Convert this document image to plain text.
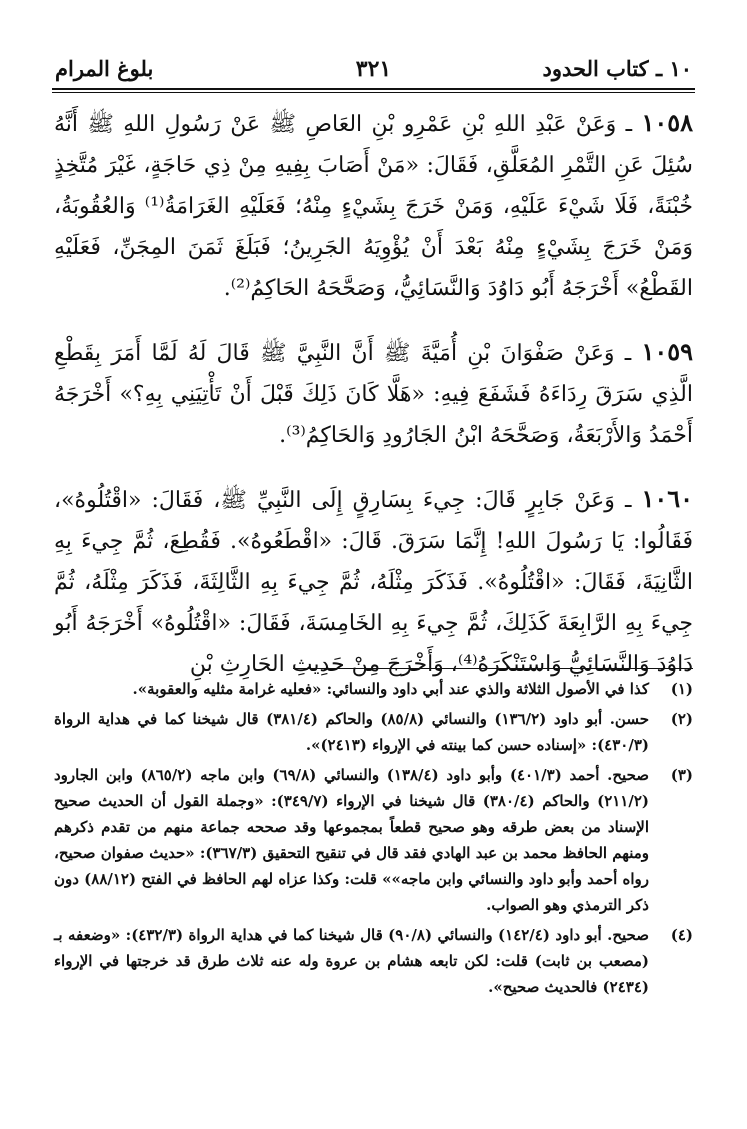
١٠ ـ كتاب الحدود
٣٢١
بلوغ المرام

١٠٥٨ ـ وَعَنْ عَبْدِ اللهِ بْنِ عَمْرِو بْنِ العَاصِ ﷺ عَنْ رَسُولِ اللهِ ﷺ أَنَّهُ سُئِلَ عَنِ التَّمْرِ المُعَلَّقِ، فَقَالَ: «مَنْ أَصَابَ بِفِيهِ مِنْ ذِي حَاجَةٍ، غَيْرَ مُتَّخِذٍ خُبْنَةً، فَلَا شَيْءَ عَلَيْهِ، وَمَنْ خَرَجَ بِشَيْءٍ مِنْهُ؛ فَعَلَيْهِ الغَرَامَةُ⁽¹⁾ وَالعُقُوبَةُ، وَمَنْ خَرَجَ بِشَيْءٍ مِنْهُ بَعْدَ أَنْ يُؤْوِيَهُ الجَرِينُ؛ فَبَلَغَ ثَمَنَ المِجَنِّ، فَعَلَيْهِ القَطْعُ» أَخْرَجَهُ أَبُو دَاوُدَ وَالنَّسَائِيُّ، وَصَحَّحَهُ الحَاكِمُ⁽²⁾.

١٠٥٩ ـ وَعَنْ صَفْوَانَ بْنِ أُمَيَّةَ ﷺ أَنَّ النَّبِيَّ ﷺ قَالَ لَهُ لَمَّا أَمَرَ بِقَطْعِ الَّذِي سَرَقَ رِدَاءَهُ فَشَفَعَ فِيهِ: «هَلَّا كَانَ ذَلِكَ قَبْلَ أَنْ تَأْتِيَنِي بِهِ؟» أَخْرَجَهُ أَحْمَدُ وَالأَرْبَعَةُ، وَصَحَّحَهُ ابْنُ الجَارُودِ وَالحَاكِمُ⁽³⁾.

١٠٦٠ ـ وَعَنْ جَابِرٍ قَالَ: جِيءَ بِسَارِقٍ إِلَى النَّبِيِّ ﷺ، فَقَالَ: «اقْتُلُوهُ»، فَقَالُوا: يَا رَسُولَ اللهِ! إِنَّمَا سَرَقَ. قَالَ: «اقْطَعُوهُ». فَقُطِعَ، ثُمَّ جِيءَ بِهِ الثَّانِيَةَ، فَقَالَ: «اقْتُلُوهُ». فَذَكَرَ مِثْلَهُ، ثُمَّ جِيءَ بِهِ الثَّالِثَةَ، فَذَكَرَ مِثْلَهُ، ثُمَّ جِيءَ بِهِ الرَّابِعَةَ كَذَلِكَ، ثُمَّ جِيءَ بِهِ الخَامِسَةَ، فَقَالَ: «اقْتُلُوهُ» أَخْرَجَهُ أَبُو دَاوُدَ وَالنَّسَائِيُّ وَاسْتَنْكَرَهُ⁽⁴⁾، وَأَخْرَجَ مِنْ حَدِيثِ الحَارِثِ بْنِ

(١)
كذا في الأصول الثلاثة والذي عند أبي داود والنسائي: «فعليه غرامة مثليه والعقوبة».
(٢)
حسن. أبو داود (١٣٦/٢) والنسائي (٨٥/٨) والحاكم (٣٨١/٤) قال شيخنا كما في هداية الرواة (٤٣٠/٣): «إسناده حسن كما بينته في الإرواء (٢٤١٣)».
(٣)
صحيح. أحمد (٤٠١/٣) وأبو داود (١٣٨/٤) والنسائي (٦٩/٨) وابن ماجه (٨٦٥/٢) وابن الجارود (٢١١/٢) والحاكم (٣٨٠/٤) قال شيخنا في الإرواء (٣٤٩/٧): «وجملة القول أن الحديث صحيح الإسناد من بعض طرقه وهو صحيح قطعاً بمجموعها وقد صححه جماعة منهم من تقدم ذكرهم ومنهم الحافظ محمد بن عبد الهادي فقد قال في تنقيح التحقيق (٣٦٧/٣): «حديث صفوان صحيح، رواه أحمد وأبو داود والنسائي وابن ماجه»» قلت: وكذا عزاه لهم الحافظ في الفتح (٨٨/١٢) دون ذكر الترمذي وهو الصواب.
(٤)
صحيح. أبو داود (١٤٢/٤) والنسائي (٩٠/٨) قال شيخنا كما في هداية الرواة (٤٣٢/٣): «وضعفه بـ (مصعب بن ثابت) قلت: لكن تابعه هشام بن عروة وله عنه ثلاث طرق قد خرجتها في الإرواء (٢٤٣٤) فالحديث صحيح».
